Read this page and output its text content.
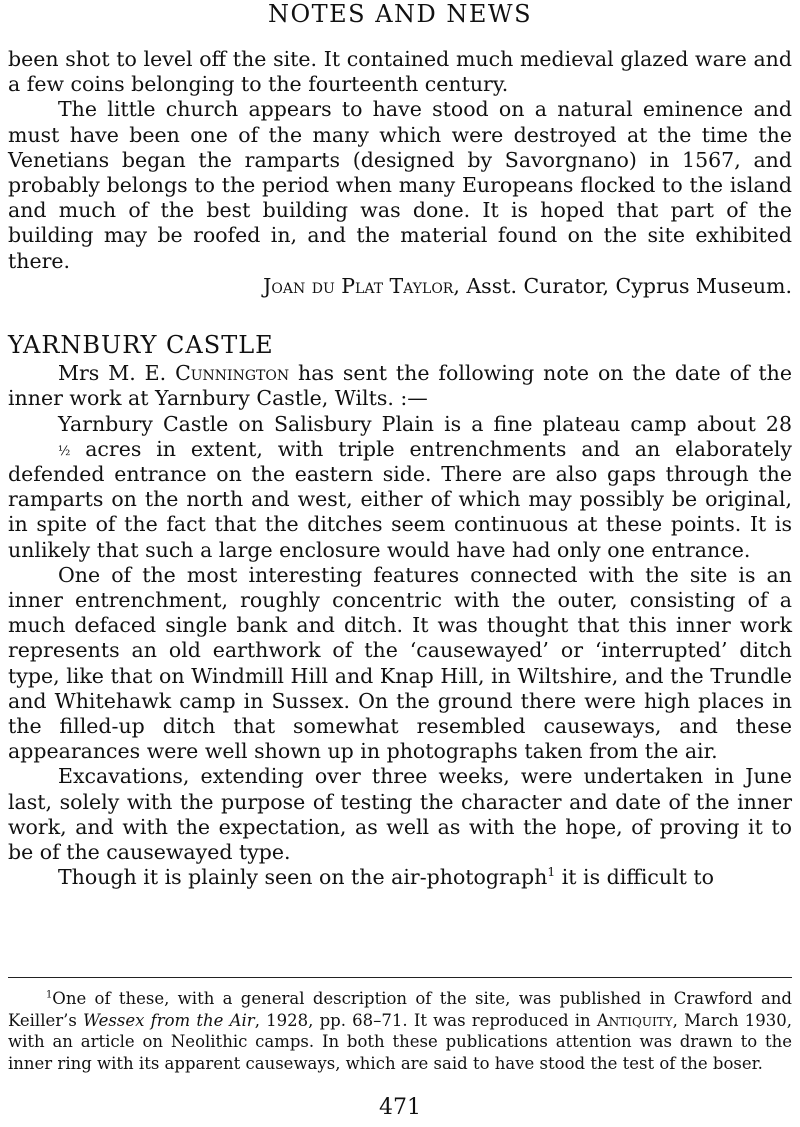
NOTES AND NEWS

been shot to level off the site. It contained much medieval glazed ware and a few coins belonging to the fourteenth century.

The little church appears to have stood on a natural eminence and must have been one of the many which were destroyed at the time the Venetians began the ramparts (designed by Savorgnano) in 1567, and probably belongs to the period when many Europeans flocked to the island and much of the best building was done. It is hoped that part of the building may be roofed in, and the material found on the site exhibited there.

Joan du Plat Taylor, Asst. Curator, Cyprus Museum.

YARNBURY CASTLE

Mrs M. E. Cunnington has sent the following note on the date of the inner work at Yarnbury Castle, Wilts. :—

Yarnbury Castle on Salisbury Plain is a fine plateau camp about 28½ acres in extent, with triple entrenchments and an elaborately defended entrance on the eastern side. There are also gaps through the ramparts on the north and west, either of which may possibly be original, in spite of the fact that the ditches seem continuous at these points. It is unlikely that such a large enclosure would have had only one entrance.

One of the most interesting features connected with the site is an inner entrenchment, roughly concentric with the outer, consisting of a much defaced single bank and ditch. It was thought that this inner work represents an old earthwork of the ‘causewayed’ or ‘interrupted’ ditch type, like that on Windmill Hill and Knap Hill, in Wiltshire, and the Trundle and Whitehawk camp in Sussex. On the ground there were high places in the filled-up ditch that somewhat resembled causeways, and these appearances were well shown up in photographs taken from the air.

Excavations, extending over three weeks, were undertaken in June last, solely with the purpose of testing the character and date of the inner work, and with the expectation, as well as with the hope, of proving it to be of the causewayed type.

Though it is plainly seen on the air-photograph$^1$ it is difficult to

$^1$One of these, with a general description of the site, was published in Crawford and Keiller’s Wessex from the Air, 1928, pp. 68–71. It was reproduced in Antiquity, March 1930, with an article on Neolithic camps. In both these publications attention was drawn to the inner ring with its apparent causeways, which are said to have stood the test of the boser.

471
